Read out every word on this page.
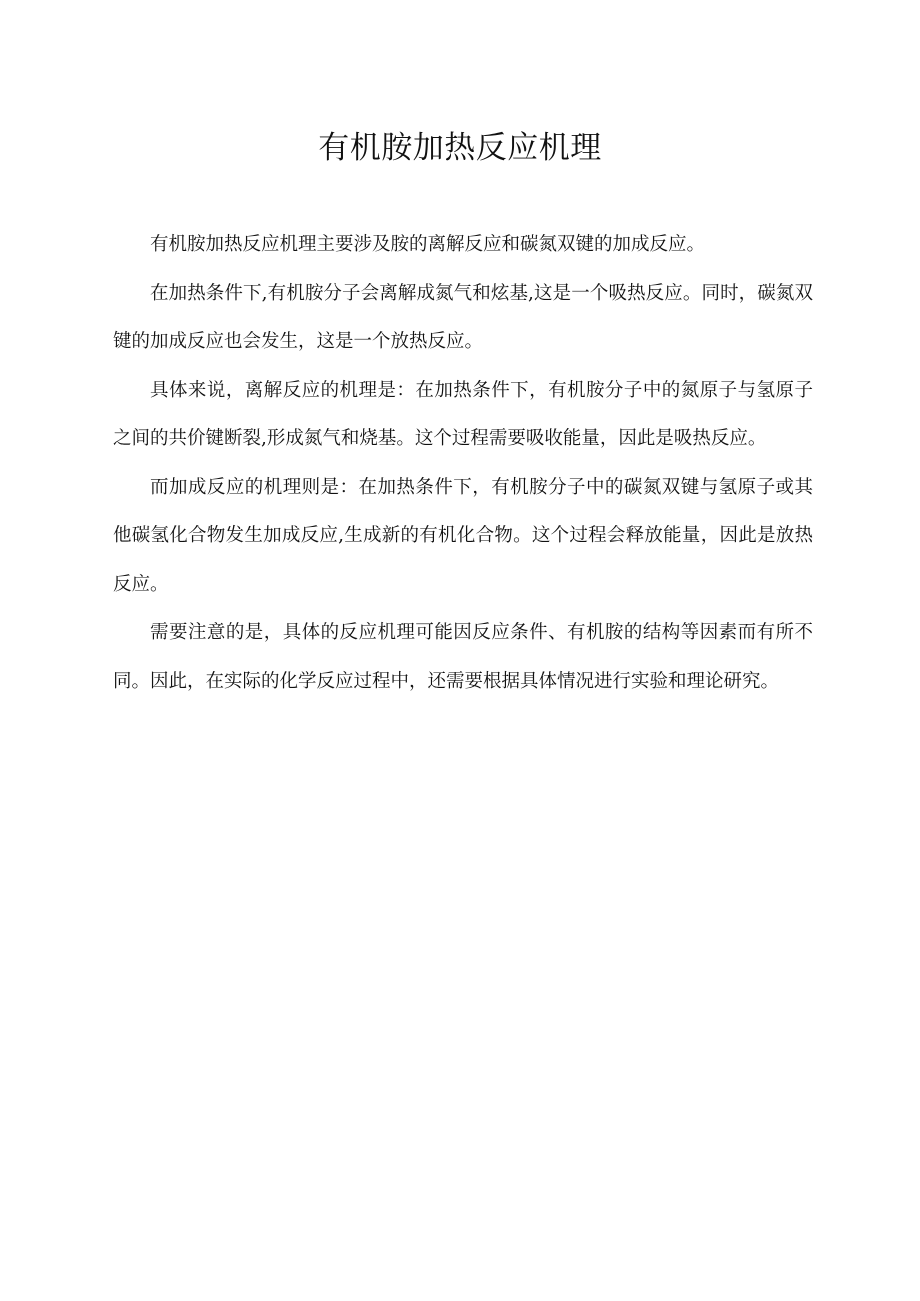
有机胺加热反应机理

有机胺加热反应机理主要涉及胺的离解反应和碳氮双键的加成反应。

在加热条件下,有机胺分子会离解成氮气和炫基,这是一个吸热反应。同时，碳氮双键的加成反应也会发生，这是一个放热反应。

具体来说，离解反应的机理是：在加热条件下，有机胺分子中的氮原子与氢原子之间的共价键断裂,形成氮气和烧基。这个过程需要吸收能量，因此是吸热反应。

而加成反应的机理则是：在加热条件下，有机胺分子中的碳氮双键与氢原子或其他碳氢化合物发生加成反应,生成新的有机化合物。这个过程会释放能量，因此是放热反应。

需要注意的是，具体的反应机理可能因反应条件、有机胺的结构等因素而有所不同。因此，在实际的化学反应过程中，还需要根据具体情况进行实验和理论研究。
